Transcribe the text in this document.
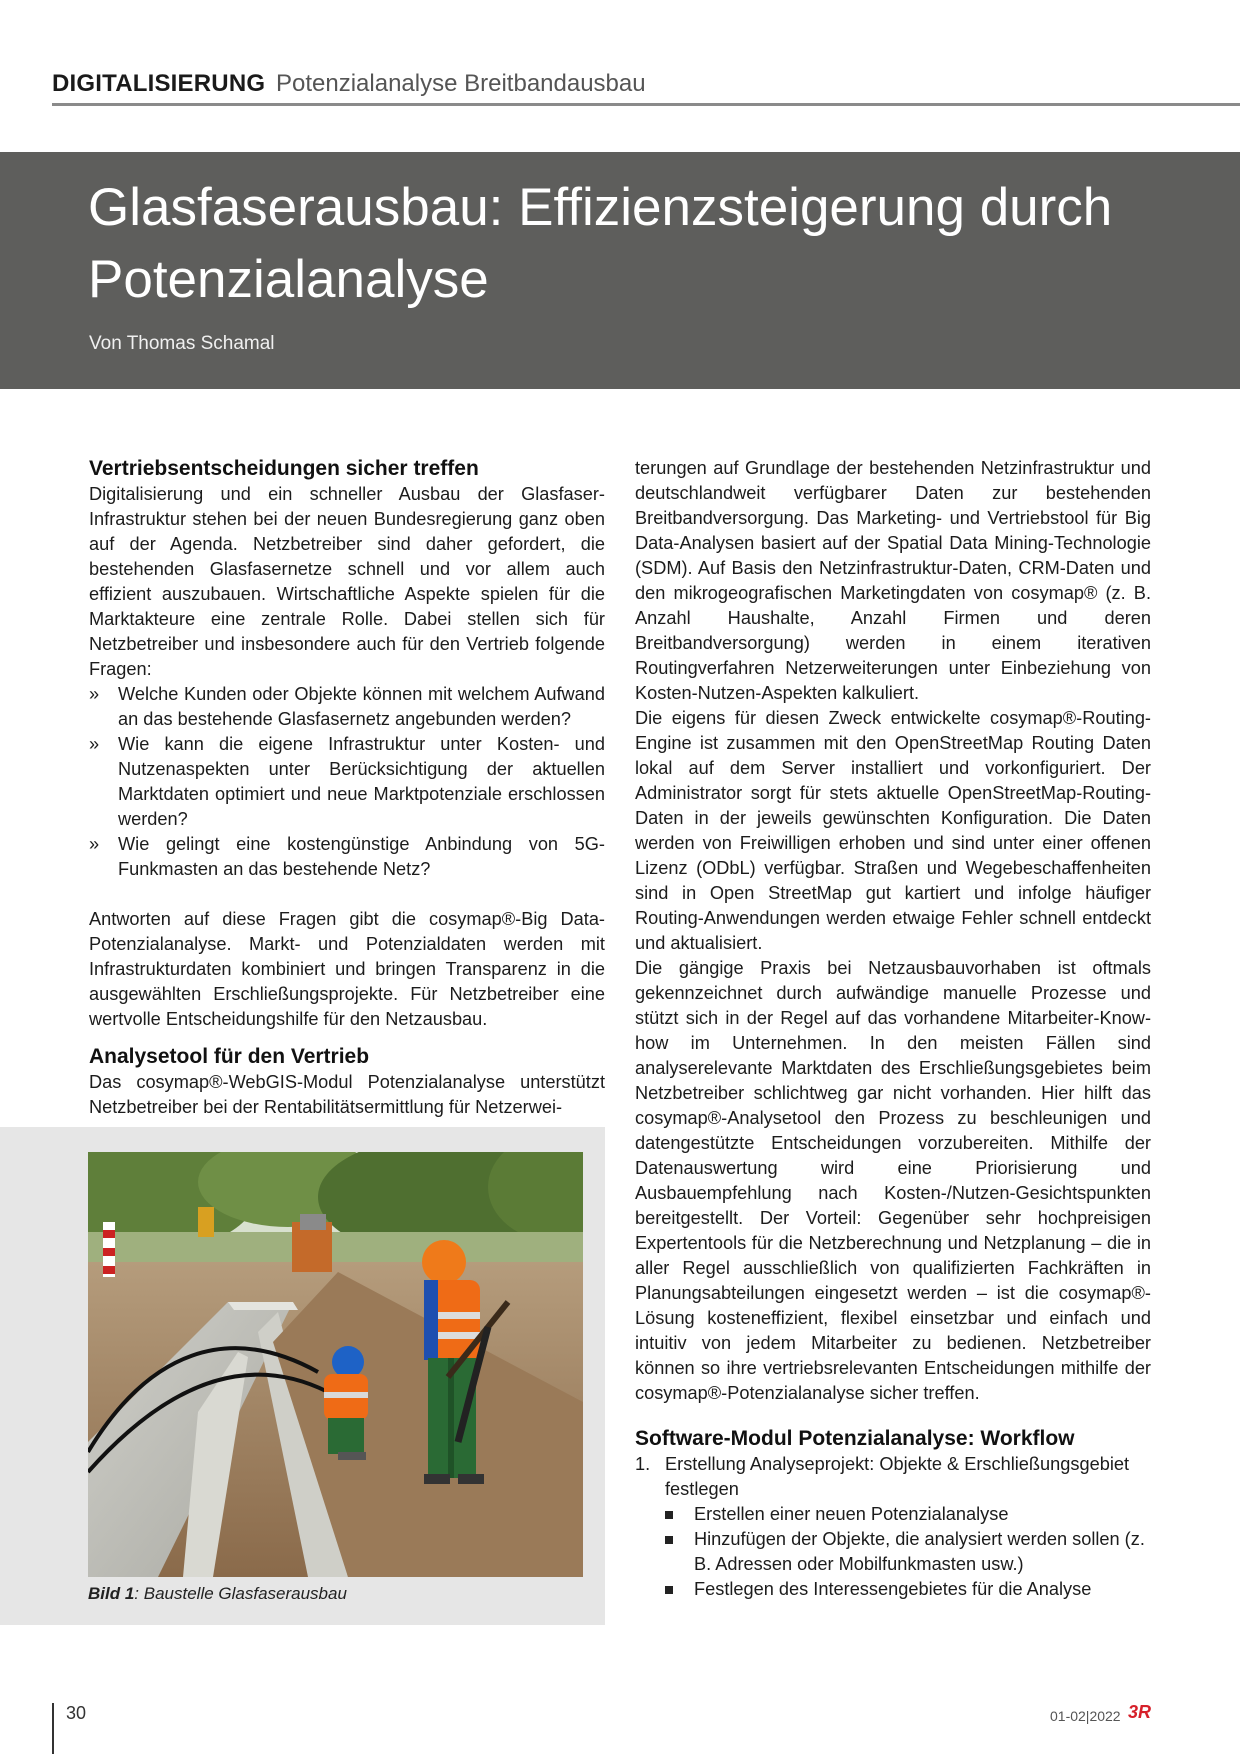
DIGITALISIERUNG Potenzialanalyse Breitbandausbau
Glasfaserausbau: Effizienzsteigerung durch Potenzialanalyse
Von Thomas Schamal
Vertriebsentscheidungen sicher treffen

Digitalisierung und ein schneller Ausbau der Glasfaser-Infrastruktur stehen bei der neuen Bundesregierung ganz oben auf der Agenda. Netzbetreiber sind daher gefordert, die bestehenden Glasfasernetze schnell und vor allem auch effizient auszubauen. Wirtschaftliche Aspekte spielen für die Marktakteure eine zentrale Rolle. Dabei stellen sich für Netzbetreiber und insbesondere auch für den Vertrieb folgende Fragen:

» Welche Kunden oder Objekte können mit welchem Aufwand an das bestehende Glasfasernetz angebunden werden?
» Wie kann die eigene Infrastruktur unter Kosten- und Nutzenaspekten unter Berücksichtigung der aktuellen Marktdaten optimiert und neue Marktpotenziale erschlossen werden?
» Wie gelingt eine kostengünstige Anbindung von 5G-Funkmasten an das bestehende Netz?

Antworten auf diese Fragen gibt die cosymap®-Big Data-Potenzialanalyse. Markt- und Potenzialdaten werden mit Infrastrukturdaten kombiniert und bringen Transparenz in die ausgewählten Erschließungsprojekte. Für Netzbetreiber eine wertvolle Entscheidungshilfe für den Netzausbau.

Analysetool für den Vertrieb

Das cosymap®-WebGIS-Modul Potenzialanalyse unterstützt Netzbetreiber bei der Rentabilitätsermittlung für Netzerwei-

Bild 1: Baustelle Glasfaserausbau

terungen auf Grundlage der bestehenden Netzinfrastruktur und deutschlandweit verfügbarer Daten zur bestehenden Breitbandversorgung. Das Marketing- und Vertriebstool für Big Data-Analysen basiert auf der Spatial Data Mining-Technologie (SDM). Auf Basis den Netzinfrastruktur-Daten, CRM-Daten und den mikrogeografischen Marketingdaten von cosymap® (z. B. Anzahl Haushalte, Anzahl Firmen und deren Breitbandversorgung) werden in einem iterativen Routingverfahren Netzerweiterungen unter Einbeziehung von Kosten-Nutzen-Aspekten kalkuliert.

Die eigens für diesen Zweck entwickelte cosymap®-Routing-Engine ist zusammen mit den OpenStreetMap Routing Daten lokal auf dem Server installiert und vorkonfiguriert. Der Administrator sorgt für stets aktuelle OpenStreetMap-Routing-Daten in der jeweils gewünschten Konfiguration. Die Daten werden von Freiwilligen erhoben und sind unter einer offenen Lizenz (ODbL) verfügbar. Straßen und Wegebeschaffenheiten sind in Open StreetMap gut kartiert und infolge häufiger Routing-Anwendungen werden etwaige Fehler schnell entdeckt und aktualisiert.

Die gängige Praxis bei Netzausbauvorhaben ist oftmals gekennzeichnet durch aufwändige manuelle Prozesse und stützt sich in der Regel auf das vorhandene Mitarbeiter-Know-how im Unternehmen. In den meisten Fällen sind analyserelevante Marktdaten des Erschließungsgebietes beim Netzbetreiber schlichtweg gar nicht vorhanden. Hier hilft das cosymap®-Analysetool den Prozess zu beschleunigen und datengestützte Entscheidungen vorzubereiten. Mithilfe der Datenauswertung wird eine Priorisierung und Ausbauempfehlung nach Kosten-/Nutzen-Gesichtspunkten bereitgestellt. Der Vorteil: Gegenüber sehr hochpreisigen Expertentools für die Netzberechnung und Netzplanung – die in aller Regel ausschließlich von qualifizierten Fachkräften in Planungsabteilungen eingesetzt werden – ist die cosymap®-Lösung kosteneffizient, flexibel einsetzbar und einfach und intuitiv von jedem Mitarbeiter zu bedienen. Netzbetreiber können so ihre vertriebsrelevanten Entscheidungen mithilfe der cosymap®-Potenzialanalyse sicher treffen.

Software-Modul Potenzialanalyse: Workflow
1. Erstellung Analyseprojekt: Objekte & Erschließungsgebiet festlegen
Erstellen einer neuen Potenzialanalyse
Hinzufügen der Objekte, die analysiert werden sollen (z. B. Adressen oder Mobilfunkmasten usw.)
Festlegen des Interessengebietes für die Analyse
30	01-02|2022 3R
